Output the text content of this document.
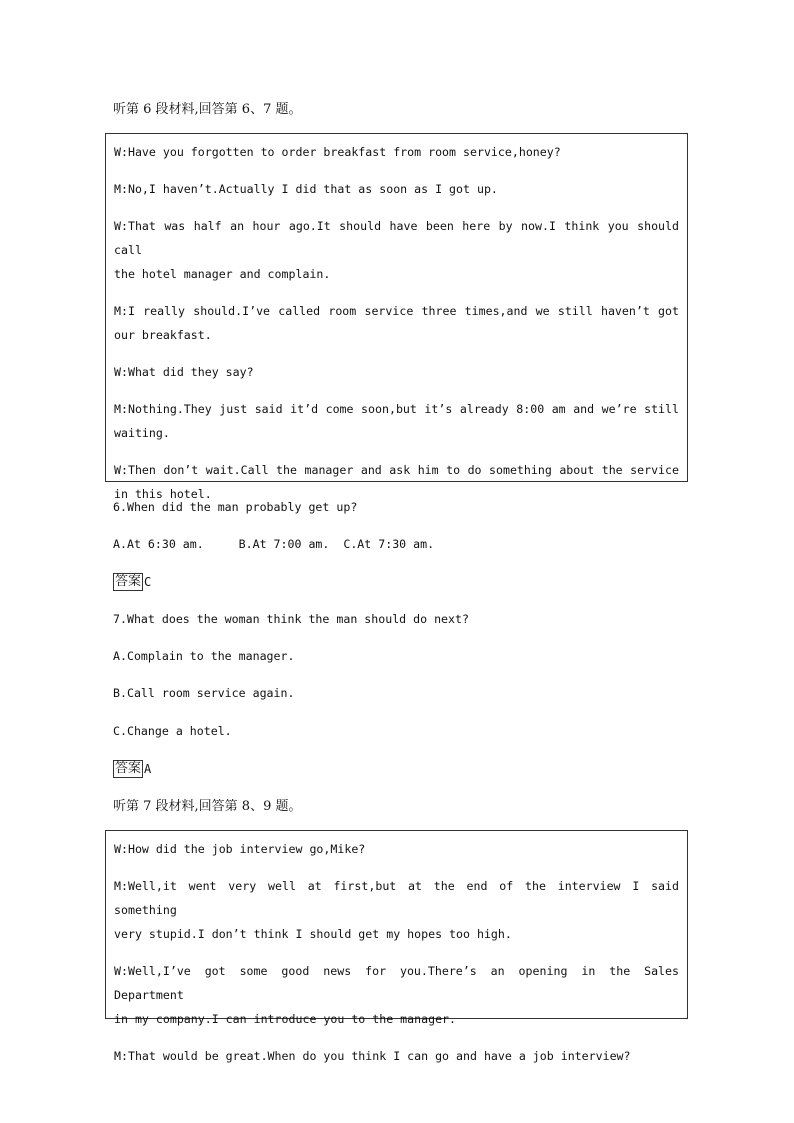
听第 6 段材料,回答第 6、7 题。

W:Have you forgotten to order breakfast from room service,honey?

M:No,I haven’t.Actually I did that as soon as I got up.

W:That was half an hour ago.It should have been here by now.I think you should call

the hotel manager and complain.

M:I really should.I’ve called room service three times,and we still haven’t got

our breakfast.

W:What did they say?

M:Nothing.They just said it’d come soon,but it’s already 8:00 am and we’re still

waiting.

W:Then don’t wait.Call the manager and ask him to do something about the service

in this hotel.

6.When did the man probably get up?
A.At 6:30 am.     B.At 7:00 am.  C.At 7:30 am.
答案 C
7.What does the woman think the man should do next?
A.Complain to the manager.
B.Call room service again.
C.Change a hotel.
答案 A
听第 7 段材料,回答第 8、9 题。

W:How did the job interview go,Mike?

M:Well,it went very well at first,but at the end of the interview I said something

very stupid.I don’t think I should get my hopes too high.

W:Well,I’ve got some good news for you.There’s an opening in the Sales Department

in my company.I can introduce you to the manager.

M:That would be great.When do you think I can go and have a job interview?
